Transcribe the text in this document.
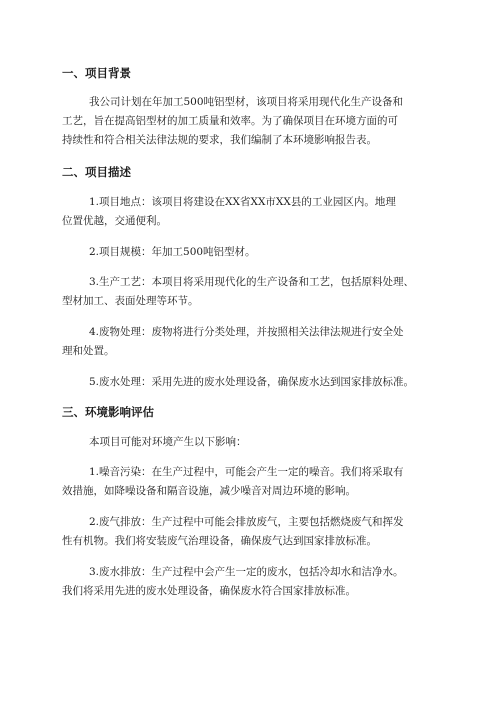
一、项目背景
我公司计划在年加工500吨铝型材，该项目将采用现代化生产设备和
工艺，旨在提高铝型材的加工质量和效率。为了确保项目在环境方面的可
持续性和符合相关法律法规的要求，我们编制了本环境影响报告表。
二、项目描述
1.项目地点：该项目将建设在XX省XX市XX县的工业园区内。地理
位置优越，交通便利。
2.项目规模：年加工500吨铝型材。
3.生产工艺：本项目将采用现代化的生产设备和工艺，包括原料处理、
型材加工、表面处理等环节。
4.废物处理：废物将进行分类处理，并按照相关法律法规进行安全处
理和处置。
5.废水处理：采用先进的废水处理设备，确保废水达到国家排放标准。
三、环境影响评估
本项目可能对环境产生以下影响：
1.噪音污染：在生产过程中，可能会产生一定的噪音。我们将采取有
效措施，如降噪设备和隔音设施，减少噪音对周边环境的影响。
2.废气排放：生产过程中可能会排放废气，主要包括燃烧废气和挥发
性有机物。我们将安装废气治理设备，确保废气达到国家排放标准。
3.废水排放：生产过程中会产生一定的废水，包括冷却水和洁净水。
我们将采用先进的废水处理设备，确保废水符合国家排放标准。
